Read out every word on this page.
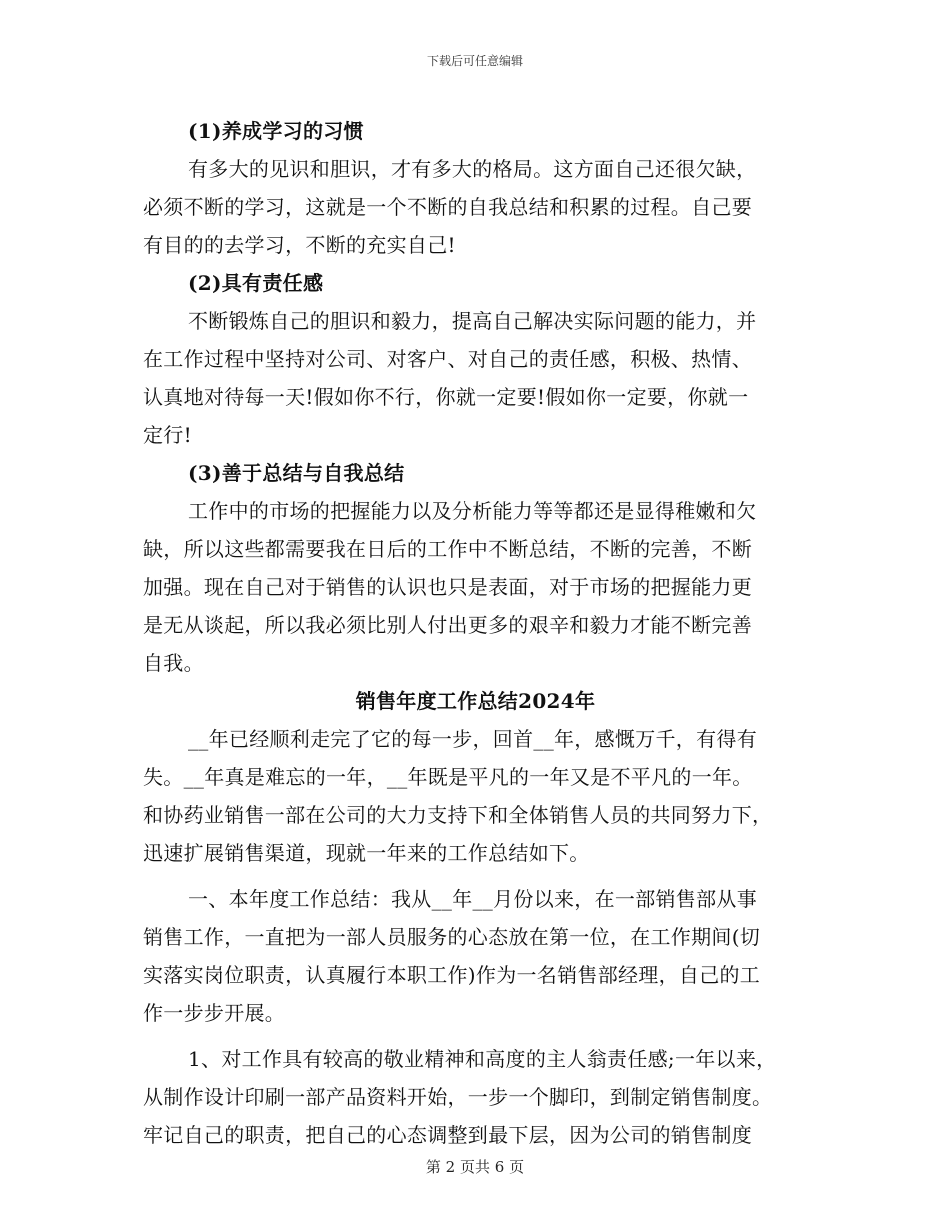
下载后可任意编辑
(1)养成学习的习惯
有多大的见识和胆识，才有多大的格局。这方面自己还很欠缺，
必须不断的学习，这就是一个不断的自我总结和积累的过程。自己要
有目的的去学习，不断的充实自己!
(2)具有责任感
不断锻炼自己的胆识和毅力，提高自己解决实际问题的能力，并
在工作过程中坚持对公司、对客户、对自己的责任感，积极、热情、
认真地对待每一天!假如你不行，你就一定要!假如你一定要，你就一
定行!
(3)善于总结与自我总结
工作中的市场的把握能力以及分析能力等等都还是显得稚嫩和欠
缺，所以这些都需要我在日后的工作中不断总结，不断的完善，不断
加强。现在自己对于销售的认识也只是表面，对于市场的把握能力更
是无从谈起，所以我必须比别人付出更多的艰辛和毅力才能不断完善
自我。
销售年度工作总结2024年
__年已经顺利走完了它的每一步，回首__年，感慨万千，有得有
失。__年真是难忘的一年，__年既是平凡的一年又是不平凡的一年。
和协药业销售一部在公司的大力支持下和全体销售人员的共同努力下，
迅速扩展销售渠道，现就一年来的工作总结如下。
一、本年度工作总结：我从__年__月份以来，在一部销售部从事
销售工作，一直把为一部人员服务的心态放在第一位，在工作期间(切
实落实岗位职责，认真履行本职工作)作为一名销售部经理，自己的工
作一步步开展。
1、对工作具有较高的敬业精神和高度的主人翁责任感;一年以来，
从制作设计印刷一部产品资料开始，一步一个脚印，到制定销售制度。
牢记自己的职责，把自己的心态调整到最下层，因为公司的销售制度
第 2 页共 6 页
